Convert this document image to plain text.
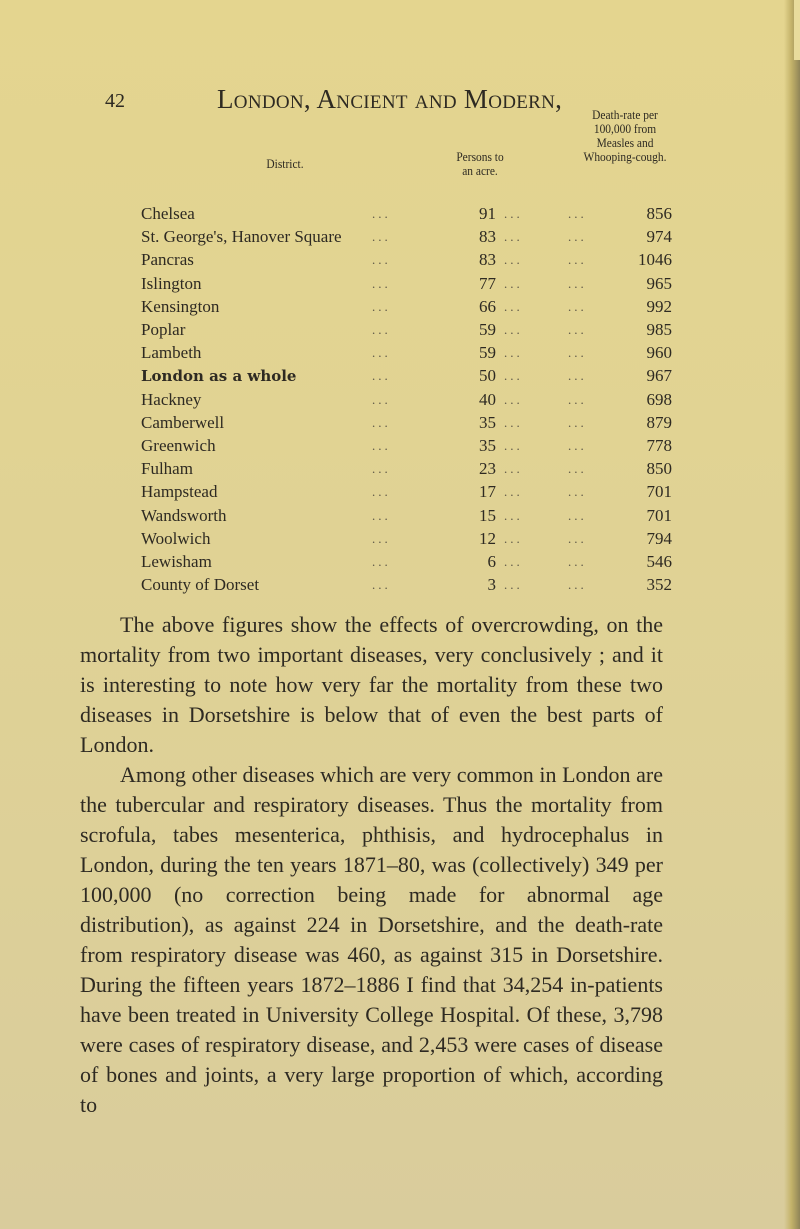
42	London, Ancient and Modern,
District.	Persons to
an acre.
Death-rate per
100,000 from
Measles and
Whooping-cough.
Chelsea	...	91 ...	...	856
St. George's, Hanover Square ...	83 ...	...	974
Pancras	...	83 ...	...	1046
Islington	...	77 ...	...	965
Kensington	...	66 ...	...	992
Poplar	...	59 ...	...	985
Lambeth	...	59 ...	...	960
London as a whole	...	50 ...	...	967
Hackney	...	40 ...	...	698
Camberwell	...	35 ...	...	879
Greenwich	...	35 ...	...	778
Fulham	...	23 ...	...	850
Hampstead	...	17 ...	...	701
Wandsworth	...	15 ...	...	701
Woolwich	...	12 ...	...	794
Lewisham	...	6 ...	...	546
County of Dorset	...	3 ...	...	352

The above figures show the effects of overcrowding, on the mortality from two important diseases, very conclusively ; and it is interesting to note how very far the mortality from these two diseases in Dorsetshire is below that of even the best parts of London.

Among other diseases which are very common in London are the tubercular and respiratory diseases. Thus the mortality from scrofula, tabes mesenterica, phthisis, and hydrocephalus in London, during the ten years 1871–80, was (collectively) 349 per 100,000 (no correction being made for abnormal age distribution), as against 224 in Dorsetshire, and the death-rate from respiratory disease was 460, as against 315 in Dorsetshire. During the fifteen years 1872–1886 I find that 34,254 in-patients have been treated in University College Hospital. Of these, 3,798 were cases of respiratory disease, and 2,453 were cases of disease of bones and joints, a very large proportion of which, according to
